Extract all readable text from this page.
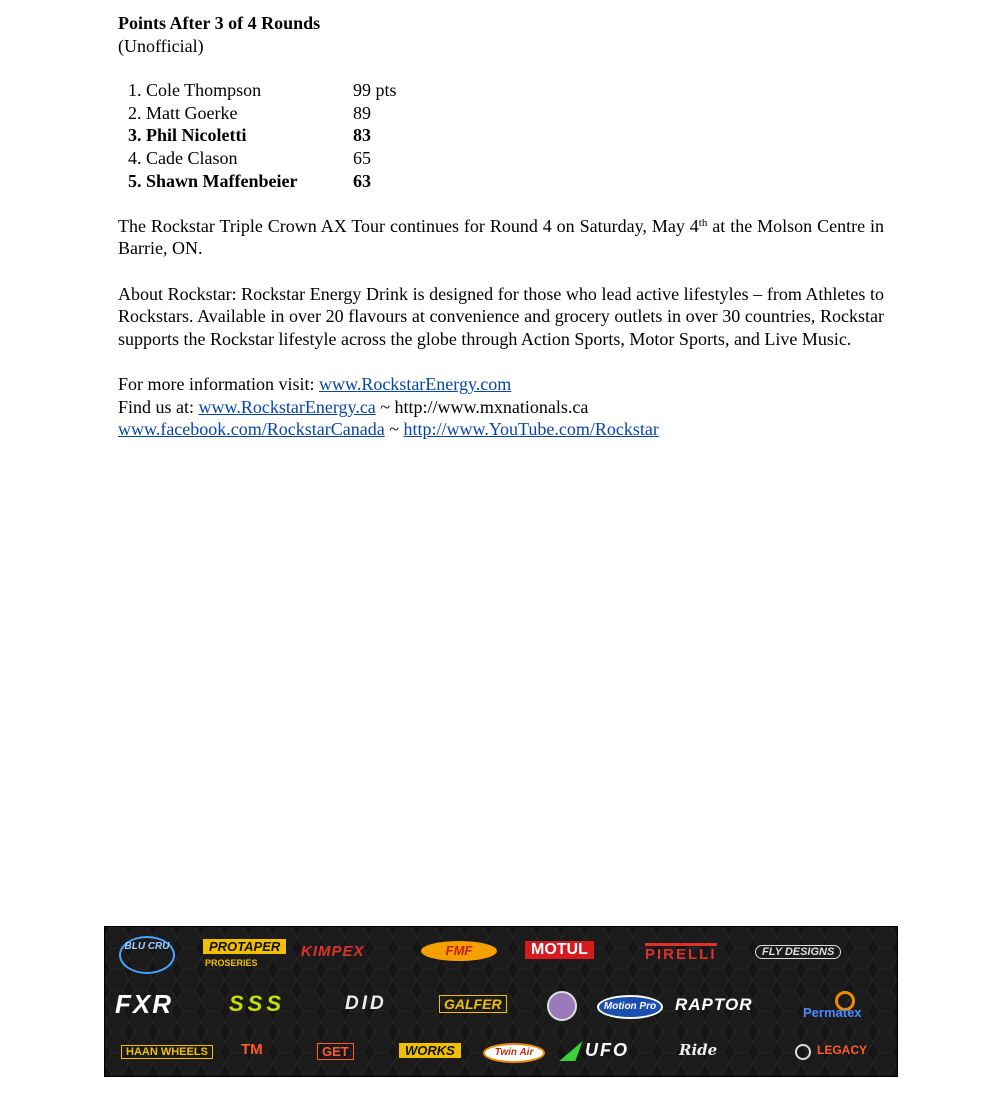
Points After 3 of 4 Rounds
(Unofficial)
1. Cole Thompson	99 pts
2. Matt Goerke	89
3. Phil Nicoletti	83
4. Cade Clason	65
5. Shawn Maffenbeier	63
The Rockstar Triple Crown AX Tour continues for Round 4 on Saturday, May 4th at the Molson Centre in Barrie, ON.
About Rockstar: Rockstar Energy Drink is designed for those who lead active lifestyles – from Athletes to Rockstars. Available in over 20 flavours at convenience and grocery outlets in over 30 countries, Rockstar supports the Rockstar lifestyle across the globe through Action Sports, Motor Sports, and Live Music.
For more information visit: www.RockstarEnergy.com
Find us at: www.RockstarEnergy.ca ~ http://www.mxnationals.ca
www.facebook.com/RockstarCanada ~ http://www.YouTube.com/Rockstar
BLU CRU	PROTAPER
PROSERIES
KIMPEX	FMF	MOTUL	PIRELLI	FLY DESIGNS
FXR	SSS	DID	GALFER	Motion Pro	RAPTOR	Permatex
HAAN WHEELS	TM	GET	WORKS	Twin Air	UFO	Ride	LEGACY
